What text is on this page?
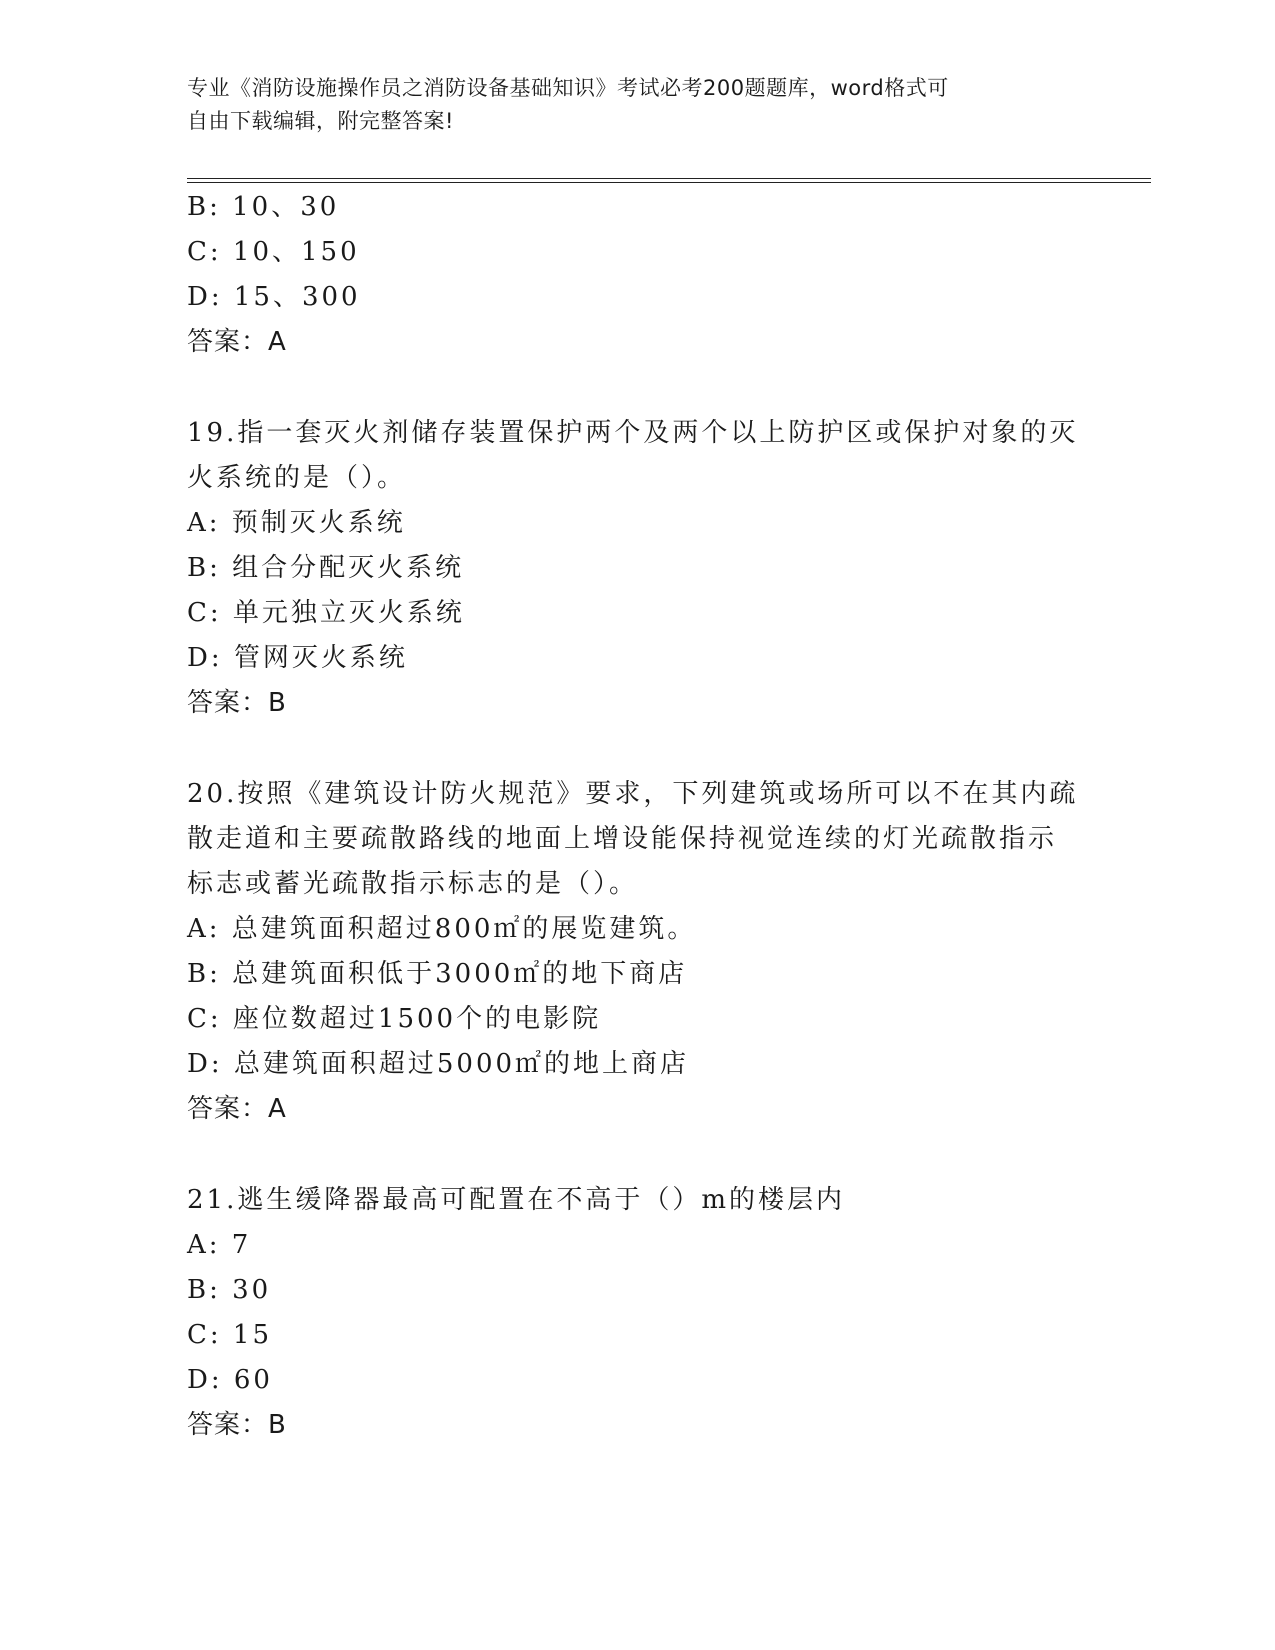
专业《消防设施操作员之消防设备基础知识》考试必考200题题库，word格式可
自由下载编辑，附完整答案!
B: 10、30
C: 10、150
D: 15、300
答案：A
19.指一套灭火剂储存装置保护两个及两个以上防护区或保护对象的灭
火系统的是（）。
A: 预制灭火系统
B: 组合分配灭火系统
C: 单元独立灭火系统
D: 管网灭火系统
答案：B
20.按照《建筑设计防火规范》要求，下列建筑或场所可以不在其内疏
散走道和主要疏散路线的地面上增设能保持视觉连续的灯光疏散指示
标志或蓄光疏散指示标志的是（）。
A: 总建筑面积超过800㎡的展览建筑。
B: 总建筑面积低于3000㎡的地下商店
C: 座位数超过1500个的电影院
D: 总建筑面积超过5000㎡的地上商店
答案：A
21.逃生缓降器最高可配置在不高于（）m的楼层内
A: 7
B: 30
C: 15
D: 60
答案：B
